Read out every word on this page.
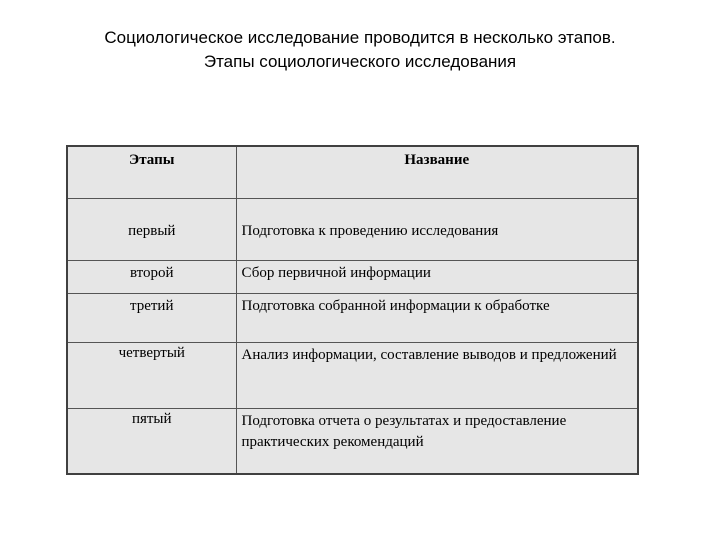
Социологическое исследование проводится в несколько этапов.
Этапы социологического исследования
Этапы	Название
первый	Подготовка к проведению исследования
второй	Сбор первичной информации
третий	Подготовка собранной информации к обработке
четвертый	Анализ информации, составление выводов и предложений
пятый	Подготовка отчета о результатах и предоставление практических рекомендаций
